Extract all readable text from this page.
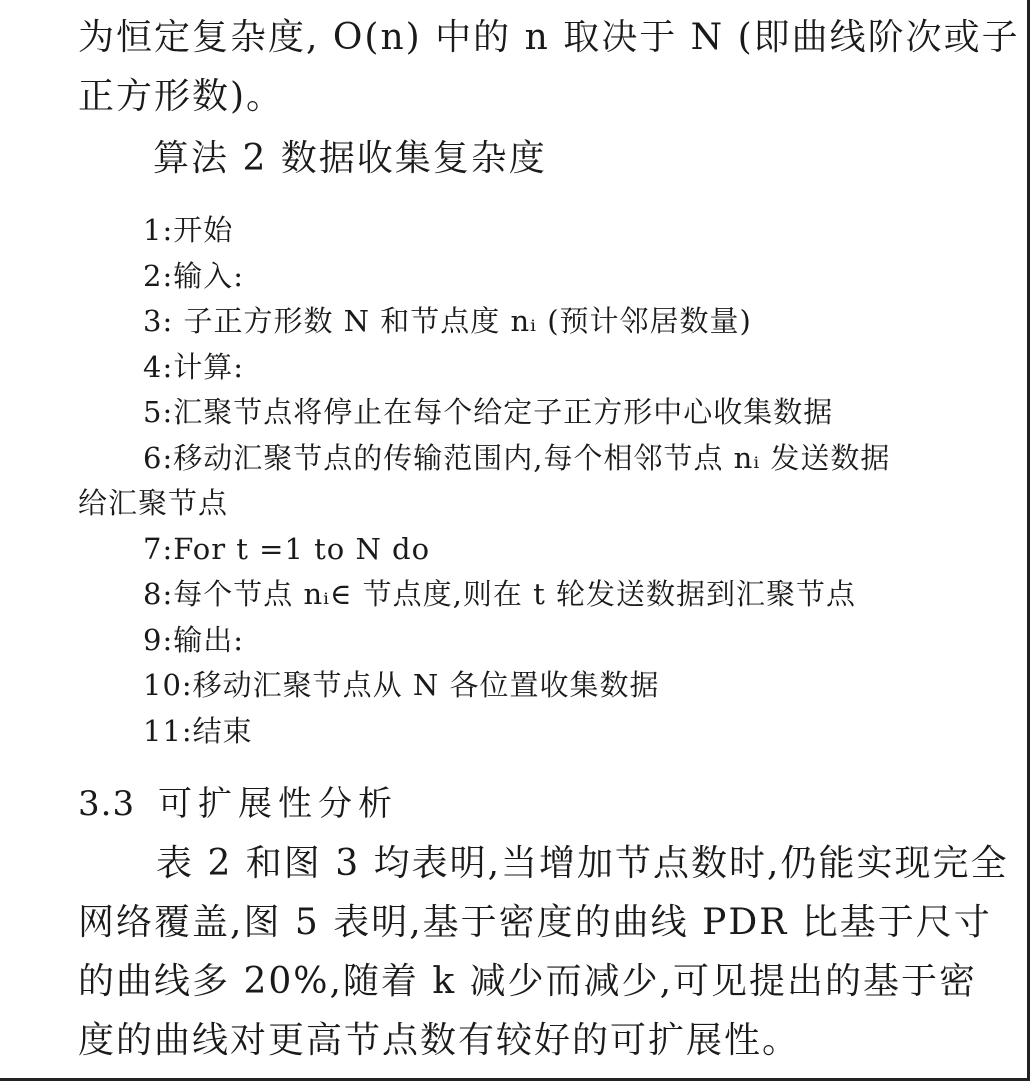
为恒定复杂度, O(n) 中的 n 取决于 N (即曲线阶次或子
正方形数)。
算法 2 数据收集复杂度
1:开始
2:输入:
3: 子正方形数 N 和节点度 nᵢ (预计邻居数量)
4:计算:
5:汇聚节点将停止在每个给定子正方形中心收集数据
6:移动汇聚节点的传输范围内,每个相邻节点 nᵢ 发送数据
给汇聚节点
7:For t =1 to N do
8:每个节点 nᵢ∈ 节点度,则在 t 轮发送数据到汇聚节点
9:输出:
10:移动汇聚节点从 N 各位置收集数据
11:结束
3.3 可扩展性分析
表 2 和图 3 均表明,当增加节点数时,仍能实现完全
网络覆盖,图 5 表明,基于密度的曲线 PDR 比基于尺寸
的曲线多 20%,随着 k 减少而减少,可见提出的基于密
度的曲线对更高节点数有较好的可扩展性。
